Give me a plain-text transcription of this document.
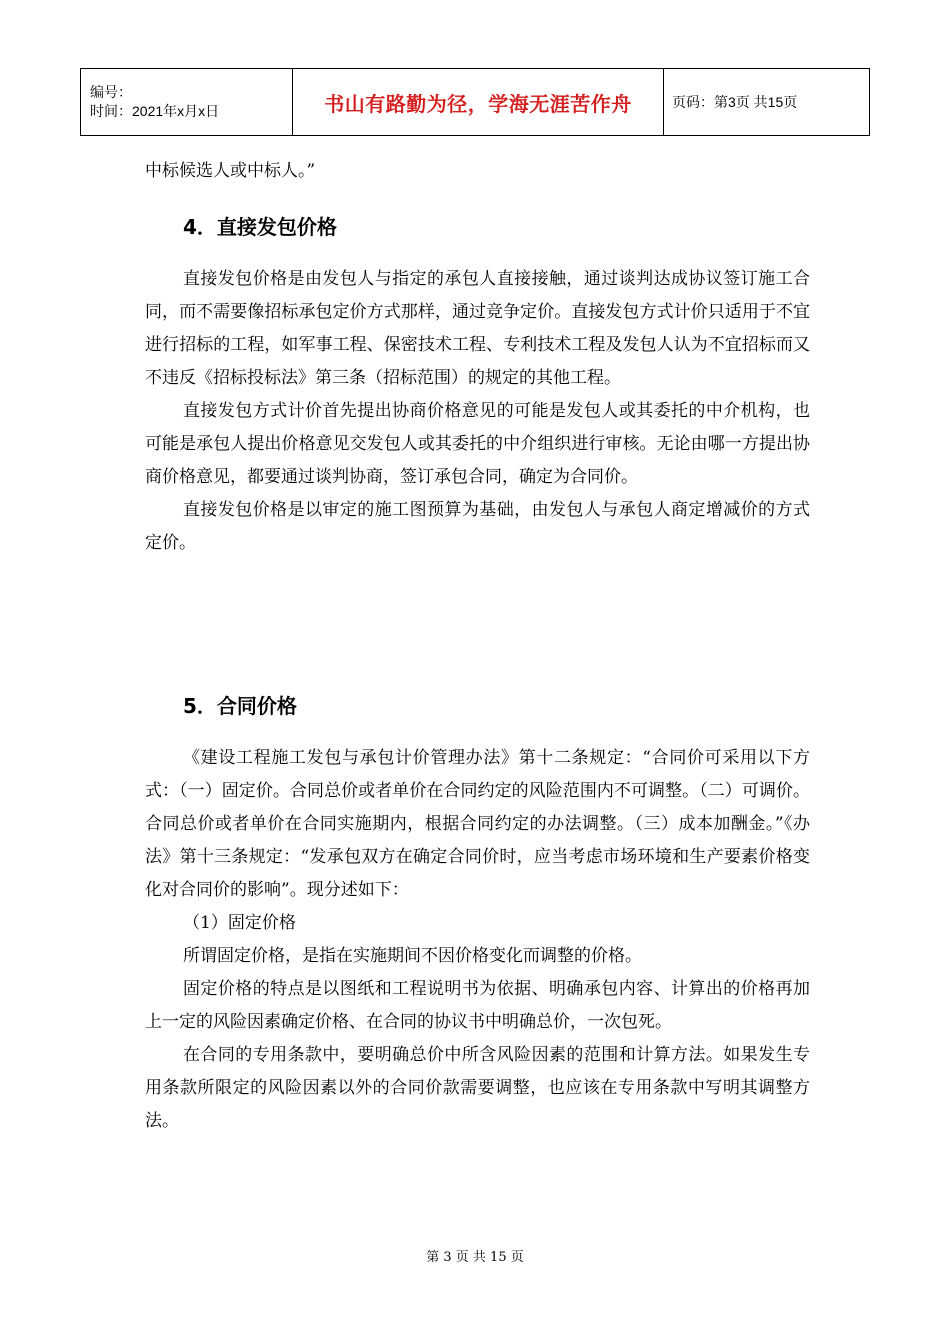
编号：
时间：2021年x月x日	书山有路勤为径，学海无涯苦作舟	页码：第3页 共15页

中标候选人或中标人。”

4．直接发包价格

直接发包价格是由发包人与指定的承包人直接接触，通过谈判达成协议签订施工合同，而不需要像招标承包定价方式那样，通过竞争定价。直接发包方式计价只适用于不宜进行招标的工程，如军事工程、保密技术工程、专利技术工程及发包人认为不宜招标而又不违反《招标投标法》第三条（招标范围）的规定的其他工程。

直接发包方式计价首先提出协商价格意见的可能是发包人或其委托的中介机构，也可能是承包人提出价格意见交发包人或其委托的中介组织进行审核。无论由哪一方提出协商价格意见，都要通过谈判协商，签订承包合同，确定为合同价。

直接发包价格是以审定的施工图预算为基础，由发包人与承包人商定增减价的方式定价。

5．合同价格

《建设工程施工发包与承包计价管理办法》第十二条规定：“合同价可采用以下方式：（一）固定价。合同总价或者单价在合同约定的风险范围内不可调整。（二）可调价。合同总价或者单价在合同实施期内，根据合同约定的办法调整。（三）成本加酬金。”《办法》第十三条规定：“发承包双方在确定合同价时，应当考虑市场环境和生产要素价格变化对合同价的影响”。现分述如下：

（1）固定价格

所谓固定价格，是指在实施期间不因价格变化而调整的价格。

固定价格的特点是以图纸和工程说明书为依据、明确承包内容、计算出的价格再加上一定的风险因素确定价格、在合同的协议书中明确总价，一次包死。

在合同的专用条款中，要明确总价中所含风险因素的范围和计算方法。如果发生专用条款所限定的风险因素以外的合同价款需要调整，也应该在专用条款中写明其调整方法。

第 3 页 共 15 页
